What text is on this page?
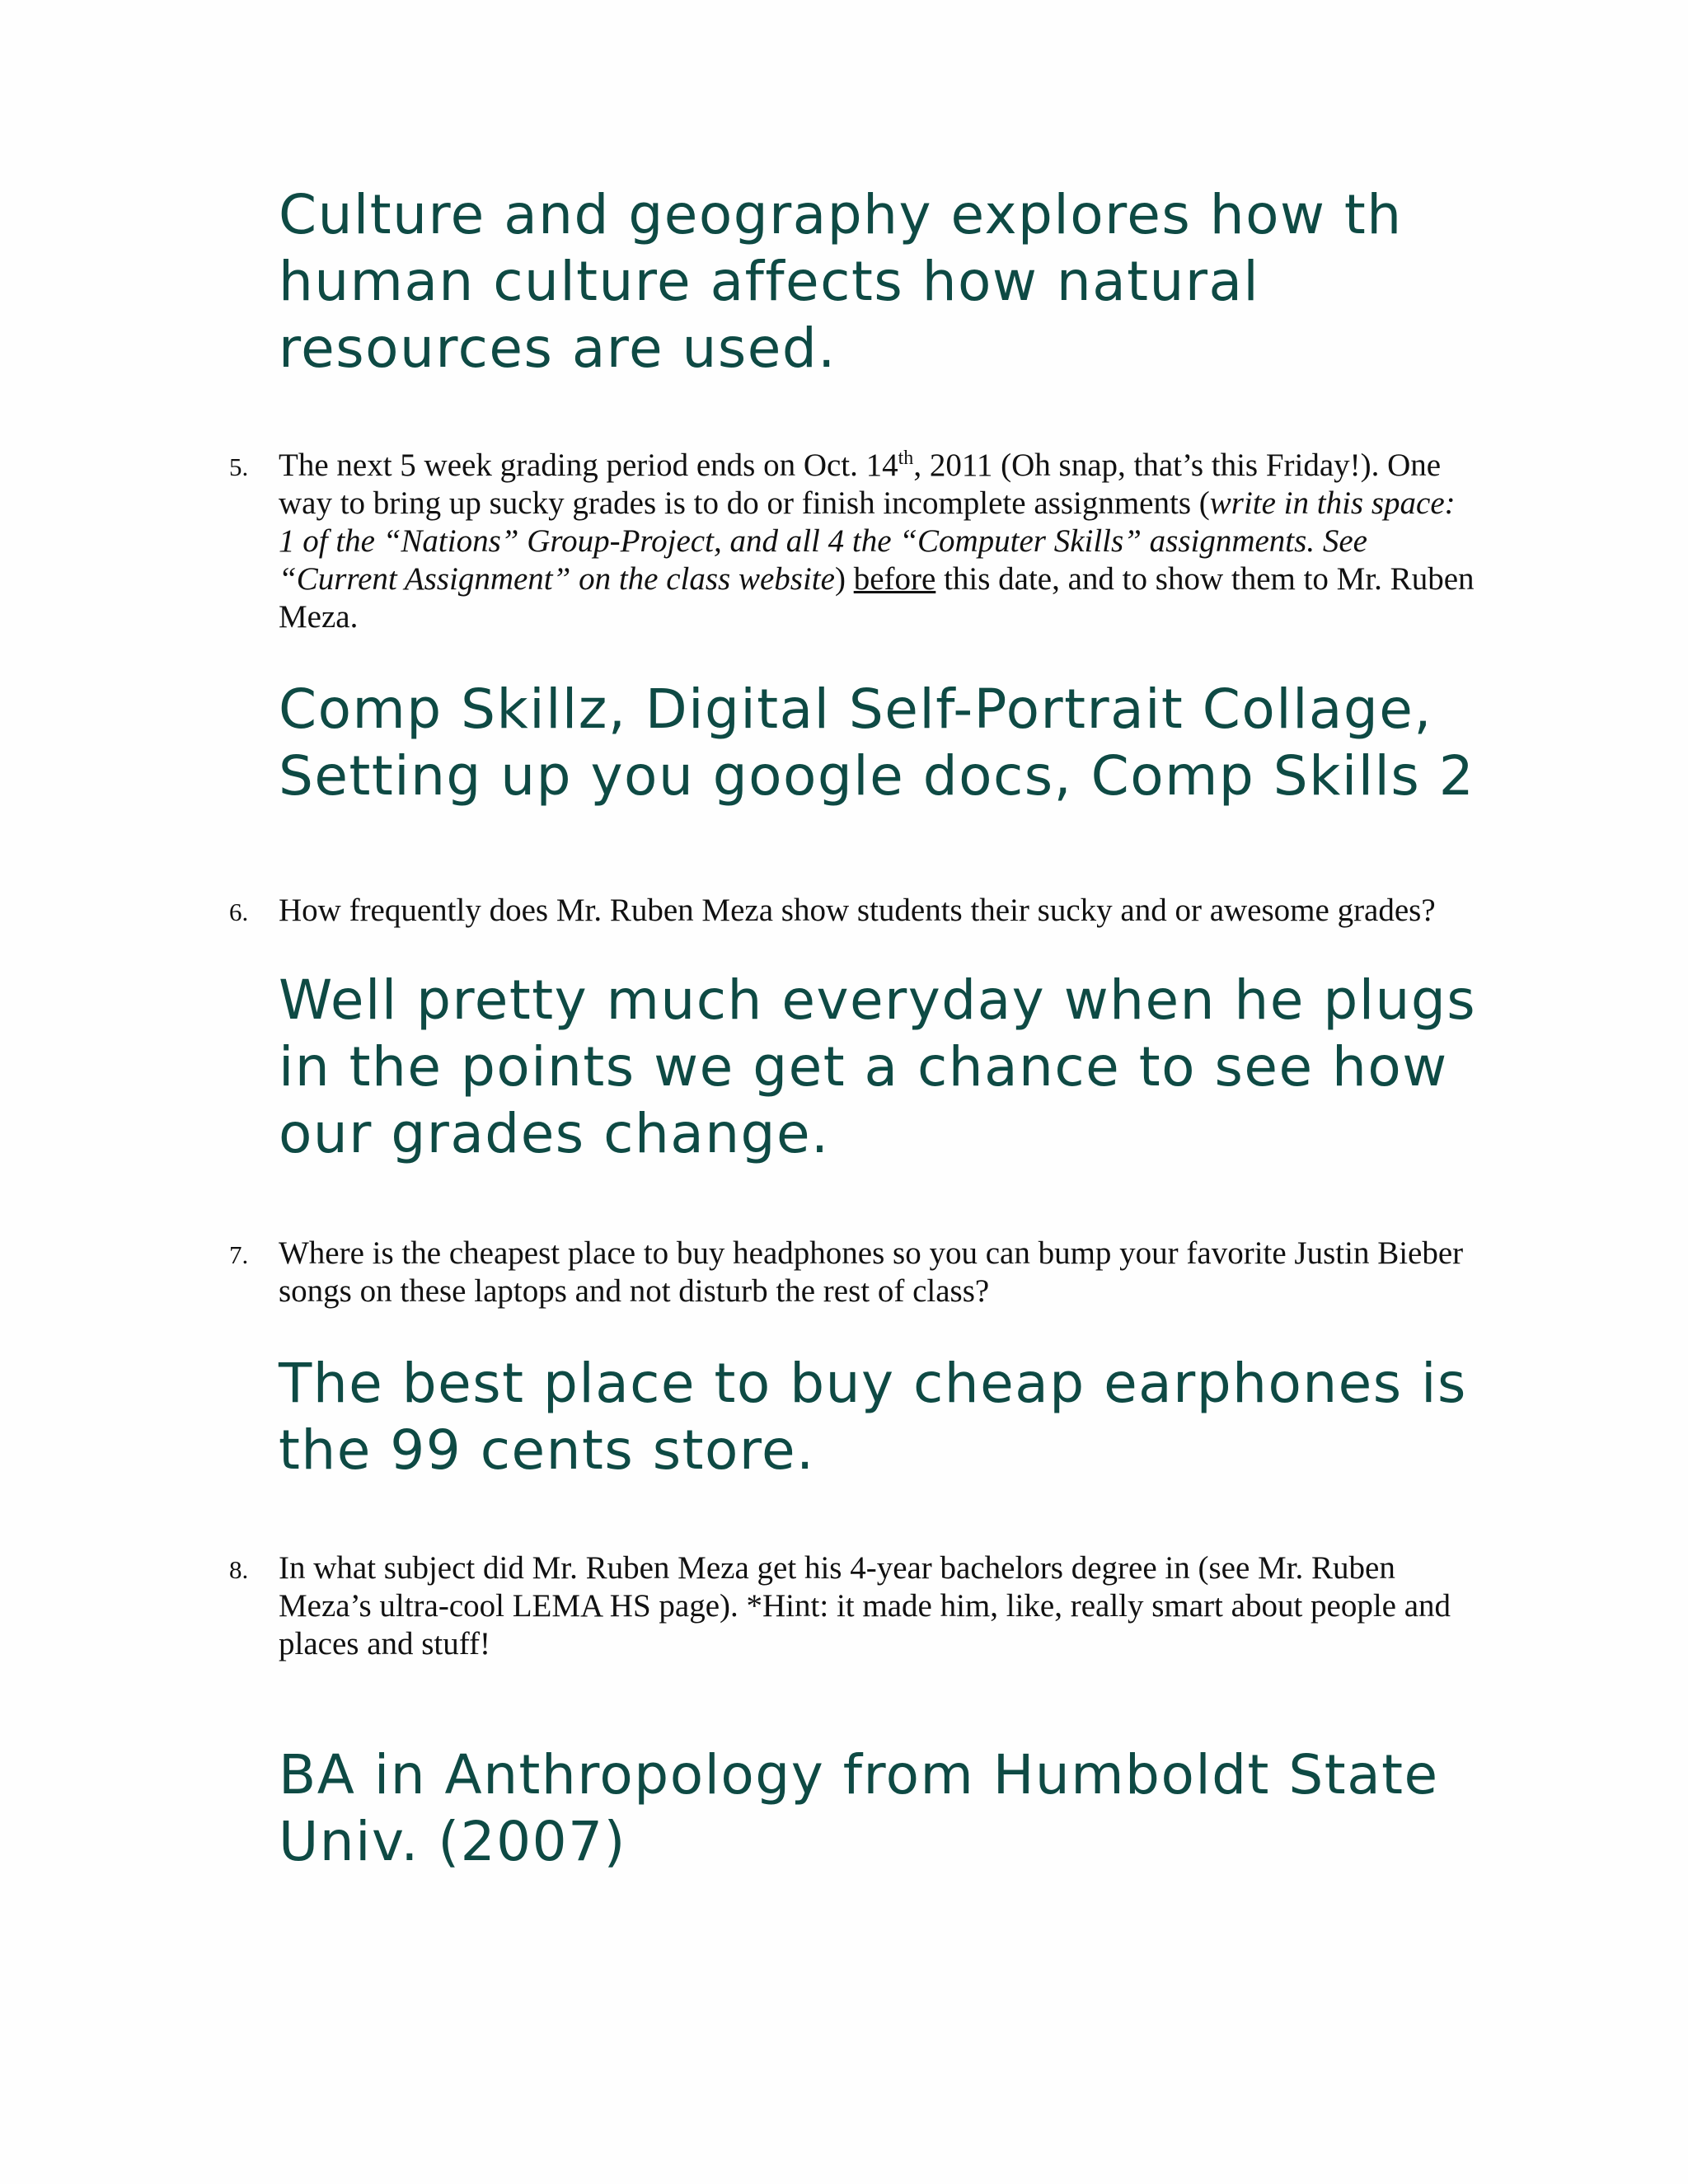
Culture and geography explores how th
human culture affects how natural
resources are used.
5. The next 5 week grading period ends on Oct. 14th, 2011 (Oh snap, that’s this Friday!). One
way to bring up sucky grades is to do or finish incomplete assignments (write in this space:
1 of the “Nations” Group-Project, and all 4 the “Computer Skills” assignments. See
“Current Assignment” on the class website) before this date, and to show them to Mr. Ruben
Meza.
Comp Skillz, Digital Self-Portrait Collage,
Setting up you google docs, Comp Skills 2
6. How frequently does Mr. Ruben Meza show students their sucky and or awesome grades?
Well pretty much everyday when he plugs
in the points we get a chance to see how
our grades change.
7. Where is the cheapest place to buy headphones so you can bump your favorite Justin Bieber
songs on these laptops and not disturb the rest of class?
The best place to buy cheap earphones is
the 99 cents store.
8. In what subject did Mr. Ruben Meza get his 4-year bachelors degree in (see Mr. Ruben
Meza’s ultra-cool LEMA HS page). *Hint: it made him, like, really smart about people and
places and stuff!
BA in Anthropology from Humboldt State
Univ. (2007)
